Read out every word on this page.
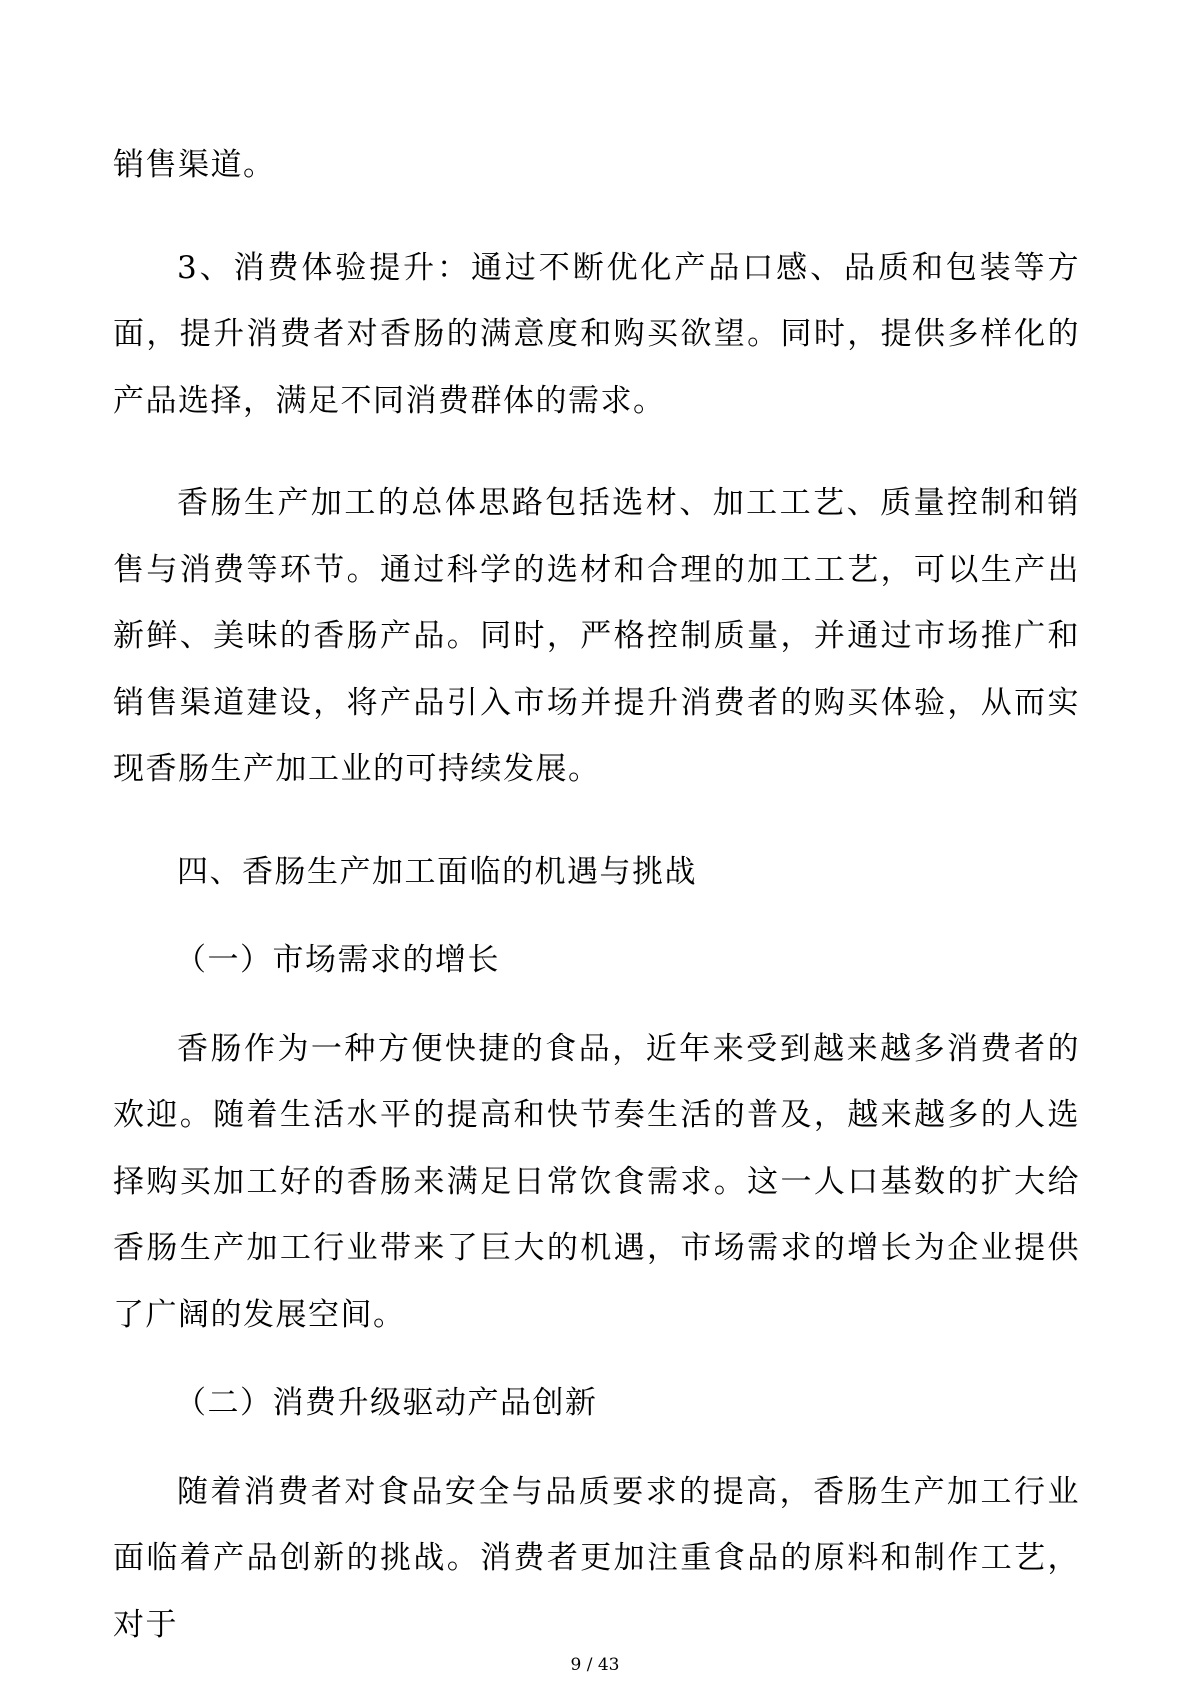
销售渠道。

3、消费体验提升：通过不断优化产品口感、品质和包装等方面，提升消费者对香肠的满意度和购买欲望。同时，提供多样化的产品选择，满足不同消费群体的需求。

香肠生产加工的总体思路包括选材、加工工艺、质量控制和销售与消费等环节。通过科学的选材和合理的加工工艺，可以生产出新鲜、美味的香肠产品。同时，严格控制质量，并通过市场推广和销售渠道建设，将产品引入市场并提升消费者的购买体验，从而实现香肠生产加工业的可持续发展。

四、香肠生产加工面临的机遇与挑战

（一）市场需求的增长

香肠作为一种方便快捷的食品，近年来受到越来越多消费者的欢迎。随着生活水平的提高和快节奏生活的普及，越来越多的人选择购买加工好的香肠来满足日常饮食需求。这一人口基数的扩大给香肠生产加工行业带来了巨大的机遇，市场需求的增长为企业提供了广阔的发展空间。

（二）消费升级驱动产品创新

随着消费者对食品安全与品质要求的提高，香肠生产加工行业面临着产品创新的挑战。消费者更加注重食品的原料和制作工艺，对于

9 / 43
